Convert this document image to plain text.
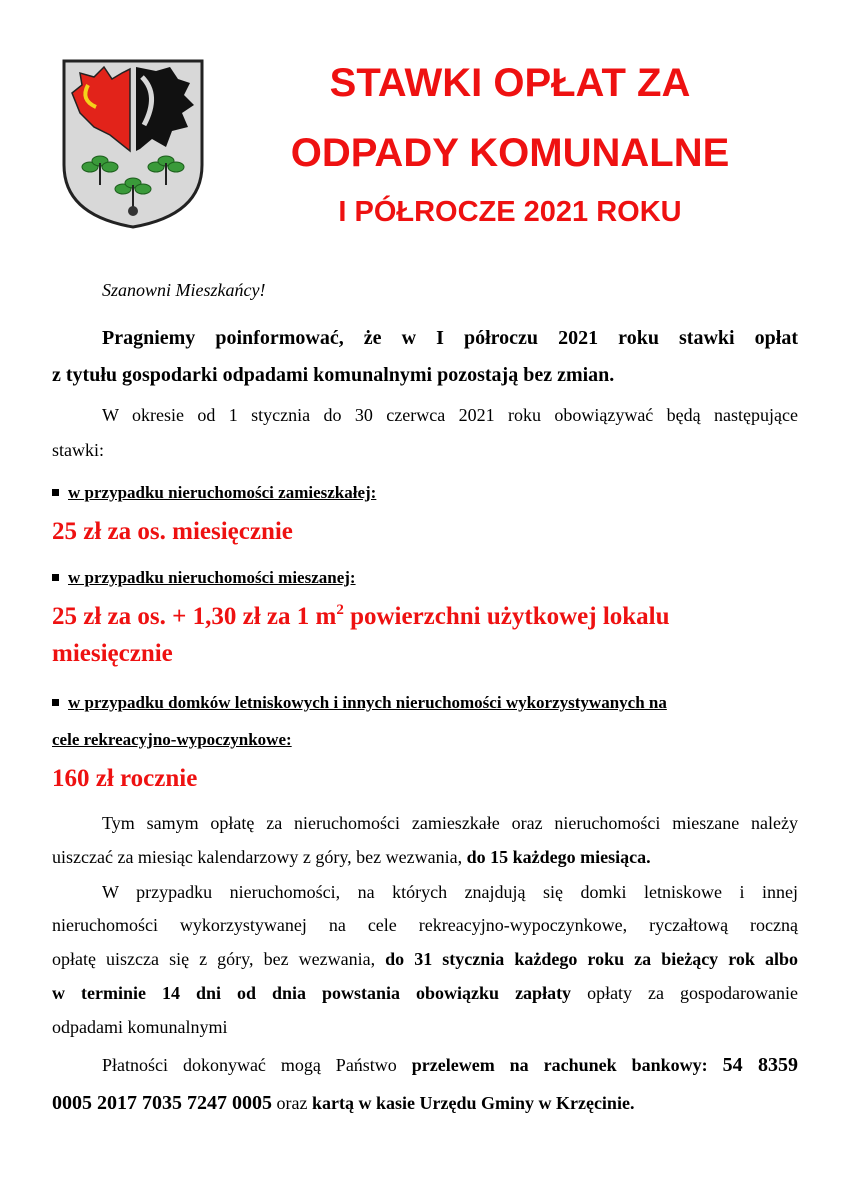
STAWKI OPŁAT ZA
ODPADY KOMUNALNE
I PÓŁROCZE 2021 ROKU

Szanowni Mieszkańcy!

Pragniemy poinformować, że w I półroczu 2021 roku stawki opłat

z tytułu gospodarki odpadami komunalnymi pozostają bez zmian.

W okresie od 1 stycznia do 30 czerwca 2021 roku obowiązywać będą następujące

stawki:

w przypadku nieruchomości zamieszkałej:

25 zł za os. miesięcznie

w przypadku nieruchomości mieszanej:

25 zł za os. + 1,30 zł za 1 $m^2$ powierzchni użytkowej lokalu

miesięcznie

w przypadku domków letniskowych i innych nieruchomości wykorzystywanych na
cele rekreacyjno-wypoczynkowe:

160 zł rocznie

Tym samym opłatę za nieruchomości zamieszkałe oraz nieruchomości mieszane należy

uiszczać za miesiąc kalendarzowy z góry, bez wezwania, do 15 każdego miesiąca.

W przypadku nieruchomości, na których znajdują się domki letniskowe i innej

nieruchomości wykorzystywanej na cele rekreacyjno-wypoczynkowe, ryczałtową roczną

opłatę uiszcza się z góry, bez wezwania, do 31 stycznia każdego roku za bieżący rok albo

w terminie 14 dni od dnia powstania obowiązku zapłaty opłaty za gospodarowanie

odpadami komunalnymi

Płatności dokonywać mogą Państwo przelewem na rachunek bankowy: 54 8359

0005 2017 7035 7247 0005 oraz kartą w kasie Urzędu Gminy w Krzęcinie.
